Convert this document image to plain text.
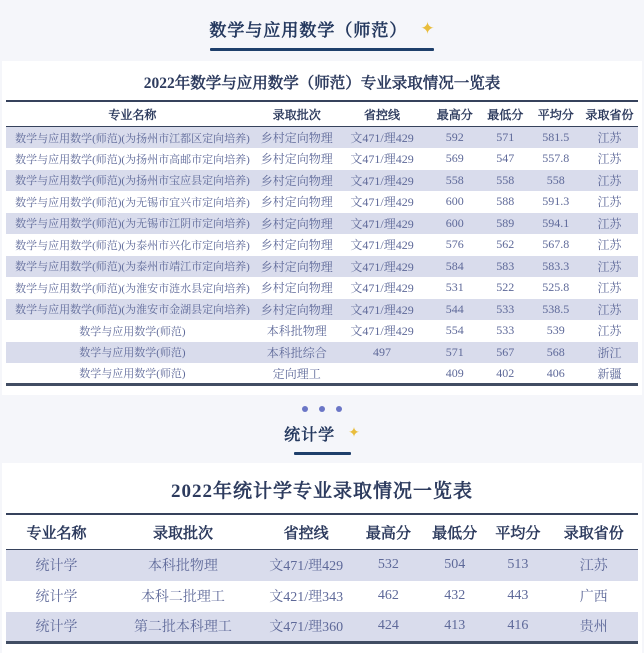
数学与应用数学（师范） ✦
2022年数学与应用数学（师范）专业录取情况一览表
专业名称	录取批次	省控线	最高分	最低分	平均分	录取省份
数学与应用数学(师范)(为扬州市江都区定向培养)	乡村定向物理	文471/理429	592	571	581.5	江苏
数学与应用数学(师范)(为扬州市高邮市定向培养)	乡村定向物理	文471/理429	569	547	557.8	江苏
数学与应用数学(师范)(为扬州市宝应县定向培养)	乡村定向物理	文471/理429	558	558	558	江苏
数学与应用数学(师范)(为无锡市宜兴市定向培养)	乡村定向物理	文471/理429	600	588	591.3	江苏
数学与应用数学(师范)(为无锡市江阴市定向培养)	乡村定向物理	文471/理429	600	589	594.1	江苏
数学与应用数学(师范)(为泰州市兴化市定向培养)	乡村定向物理	文471/理429	576	562	567.8	江苏
数学与应用数学(师范)(为泰州市靖江市定向培养)	乡村定向物理	文471/理429	584	583	583.3	江苏
数学与应用数学(师范)(为淮安市涟水县定向培养)	乡村定向物理	文471/理429	531	522	525.8	江苏
数学与应用数学(师范)(为淮安市金湖县定向培养)	乡村定向物理	文471/理429	544	533	538.5	江苏
数学与应用数学(师范)	本科批物理	文471/理429	554	533	539	江苏
数学与应用数学(师范)	本科批综合	497	571	567	568	浙江
数学与应用数学(师范)	定向理工		409	402	406	新疆
统计学 ✦
2022年统计学专业录取情况一览表
专业名称	录取批次	省控线	最高分	最低分	平均分	录取省份
统计学	本科批物理	文471/理429	532	504	513	江苏
统计学	本科二批理工	文421/理343	462	432	443	广西
统计学	第二批本科理工	文471/理360	424	413	416	贵州
